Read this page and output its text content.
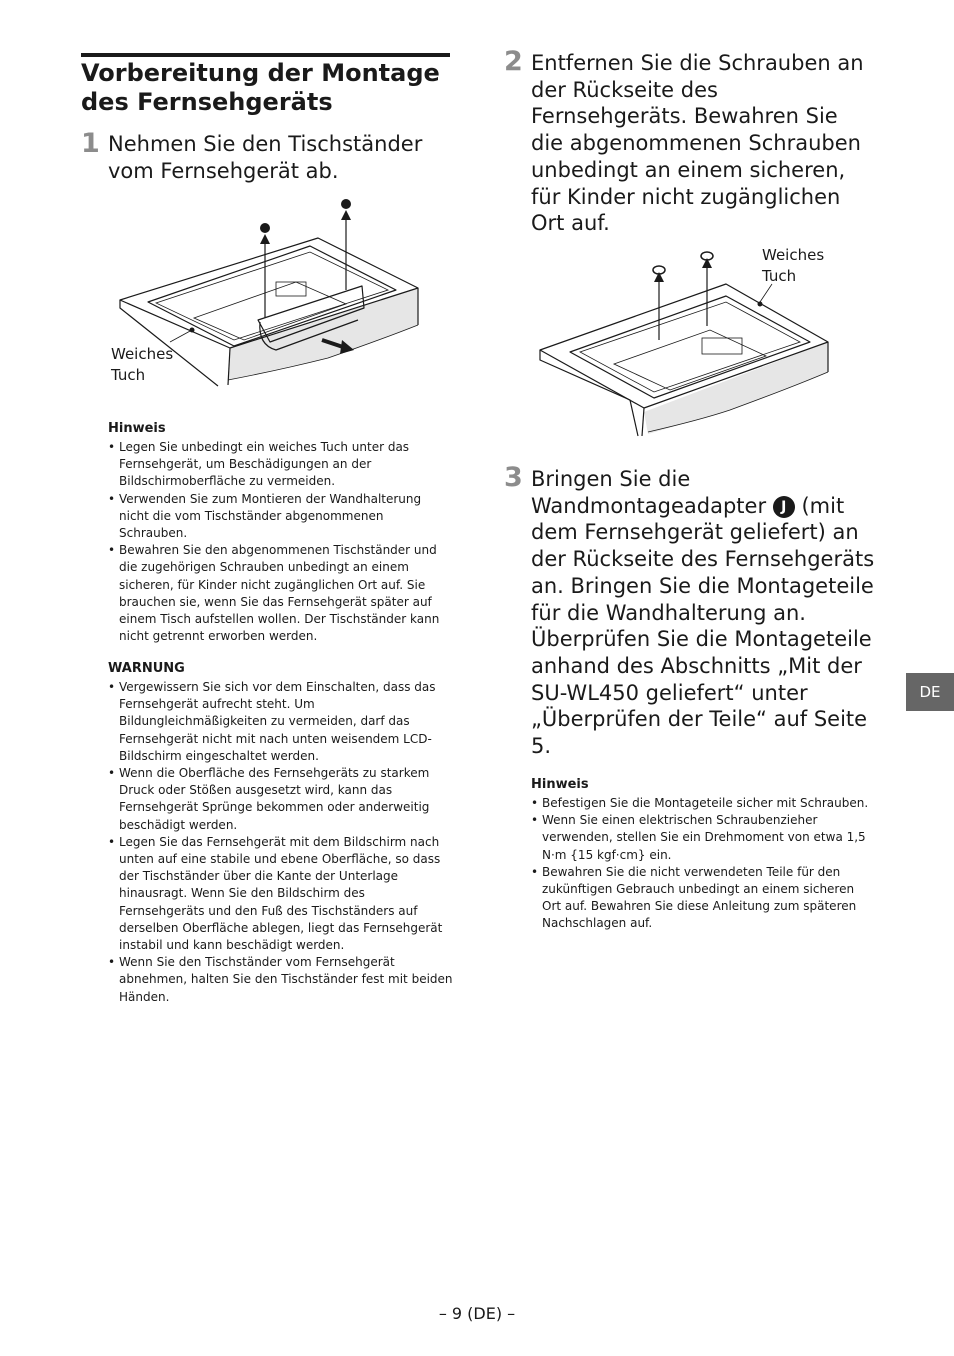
Vorbereitung der Montage des Fernsehgeräts
1 Nehmen Sie den Tischständer vom Fernsehgerät ab.
Weiches Tuch
Hinweis
• Legen Sie unbedingt ein weiches Tuch unter das Fernsehgerät, um Beschädigungen an der Bildschirmoberfläche zu vermeiden.
• Verwenden Sie zum Montieren der Wandhalterung nicht die vom Tischständer abgenommenen Schrauben.
• Bewahren Sie den abgenommenen Tischständer und die zugehörigen Schrauben unbedingt an einem sicheren, für Kinder nicht zugänglichen Ort auf. Sie brauchen sie, wenn Sie das Fernsehgerät später auf einem Tisch aufstellen wollen. Der Tischständer kann nicht getrennt erworben werden.
WARNUNG
• Vergewissern Sie sich vor dem Einschalten, dass das Fernsehgerät aufrecht steht. Um Bildungleichmäßigkeiten zu vermeiden, darf das Fernsehgerät nicht mit nach unten weisendem LCD-Bildschirm eingeschaltet werden.
• Wenn die Oberfläche des Fernsehgeräts zu starkem Druck oder Stößen ausgesetzt wird, kann das Fernsehgerät Sprünge bekommen oder anderweitig beschädigt werden.
• Legen Sie das Fernsehgerät mit dem Bildschirm nach unten auf eine stabile und ebene Oberfläche, so dass der Tischständer über die Kante der Unterlage hinausragt. Wenn Sie den Bildschirm des Fernsehgeräts und den Fuß des Tischständers auf derselben Oberfläche ablegen, liegt das Fernsehgerät instabil und kann beschädigt werden.
• Wenn Sie den Tischständer vom Fernsehgerät abnehmen, halten Sie den Tischständer fest mit beiden Händen.
2 Entfernen Sie die Schrauben an der Rückseite des Fernsehgeräts. Bewahren Sie die abgenommenen Schrauben unbedingt an einem sicheren, für Kinder nicht zugänglichen Ort auf.
Weiches Tuch
3 Bringen Sie die Wandmontageadapter J (mit dem Fernsehgerät geliefert) an der Rückseite des Fernsehgeräts an. Bringen Sie die Montageteile für die Wandhalterung an. Überprüfen Sie die Montageteile anhand des Abschnitts „Mit der SU-WL450 geliefert“ unter „Überprüfen der Teile“ auf Seite 5.
Hinweis
• Befestigen Sie die Montageteile sicher mit Schrauben.
• Wenn Sie einen elektrischen Schraubenzieher verwenden, stellen Sie ein Drehmoment von etwa 1,5 N·m {15 kgf·cm} ein.
• Bewahren Sie die nicht verwendeten Teile für den zukünftigen Gebrauch unbedingt an einem sicheren Ort auf. Bewahren Sie diese Anleitung zum späteren Nachschlagen auf.
DE
– 9 (DE) –
